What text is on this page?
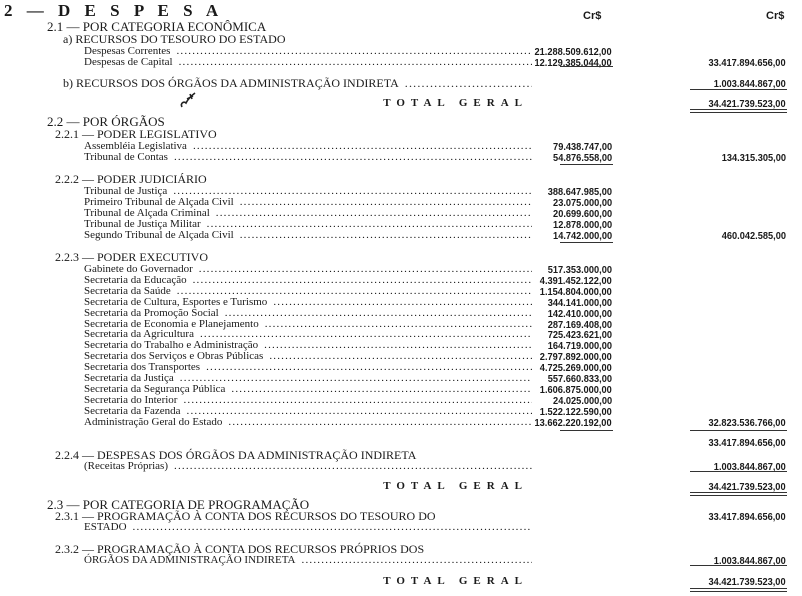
2 — D E S P E S A	Cr$	Cr$
2.1 — POR CATEGORIA ECONÔMICA
a) RECURSOS DO TESOURO DO ESTADO
Despesas Correntes .....	21.288.509.612,00
Despesas de Capital .....	12.129.385.044,00	33.417.894.656,00
b) RECURSOS DOS ÓRGÃOS DA ADMINISTRAÇÃO INDIRETA .....	1.003.844.867,00
TOTAL GERAL	34.421.739.523,00
2.2 — POR ÓRGÃOS
2.2.1 — PODER LEGISLATIVO
Assembléia Legislativa .....	79.438.747,00
Tribunal de Contas .....	54.876.558,00	134.315.305,00
2.2.2 — PODER JUDICIÁRIO
Tribunal de Justiça .....	388.647.985,00
Primeiro Tribunal de Alçada Civil .....	23.075.000,00
Tribunal de Alçada Criminal .....	20.699.600,00
Tribunal de Justiça Militar .....	12.878.000,00
Segundo Tribunal de Alçada Civil .....	14.742.000,00	460.042.585,00
2.2.3 — PODER EXECUTIVO
Gabinete do Governador .....	517.353.000,00
Secretaria da Educação .....	4.391.452.122,00
Secretaria da Saúde .....	1.154.804.000,00
Secretaria de Cultura, Esportes e Turismo .....	344.141.000,00
Secretaria da Promoção Social .....	142.410.000,00
Secretaria de Economia e Planejamento .....	287.169.408,00
Secretaria da Agricultura .....	725.423.621,00
Secretaria do Trabalho e Administração .....	164.719.000,00
Secretaria dos Serviços e Obras Públicas .....	2.797.892.000,00
Secretaria dos Transportes .....	4.725.269.000,00
Secretaria da Justiça .....	557.660.833,00
Secretaria da Segurança Pública .....	1.606.875.000,00
Secretaria do Interior .....	24.025.000,00
Secretaria da Fazenda .....	1.522.122.590,00
Administração Geral do Estado .....	13.662.220.192,00	32.823.536.766,00
33.417.894.656,00
2.2.4 — DESPESAS DOS ÓRGÃOS DA ADMINISTRAÇÃO INDIRETA
(Receitas Próprias) .....	1.003.844.867,00
TOTAL GERAL	34.421.739.523,00
2.3 — POR CATEGORIA DE PROGRAMAÇÃO
2.3.1 — PROGRAMAÇÃO À CONTA DOS RECURSOS DO TESOURO DO	33.417.894.656,00
ESTADO
.....
2.3.2 — PROGRAMAÇÃO À CONTA DOS RECURSOS PRÓPRIOS DOS
ÓRGÃOS DA ADMINISTRAÇÃO INDIRETA .....	1.003.844.867,00
TOTAL GERAL	34.421.739.523,00
